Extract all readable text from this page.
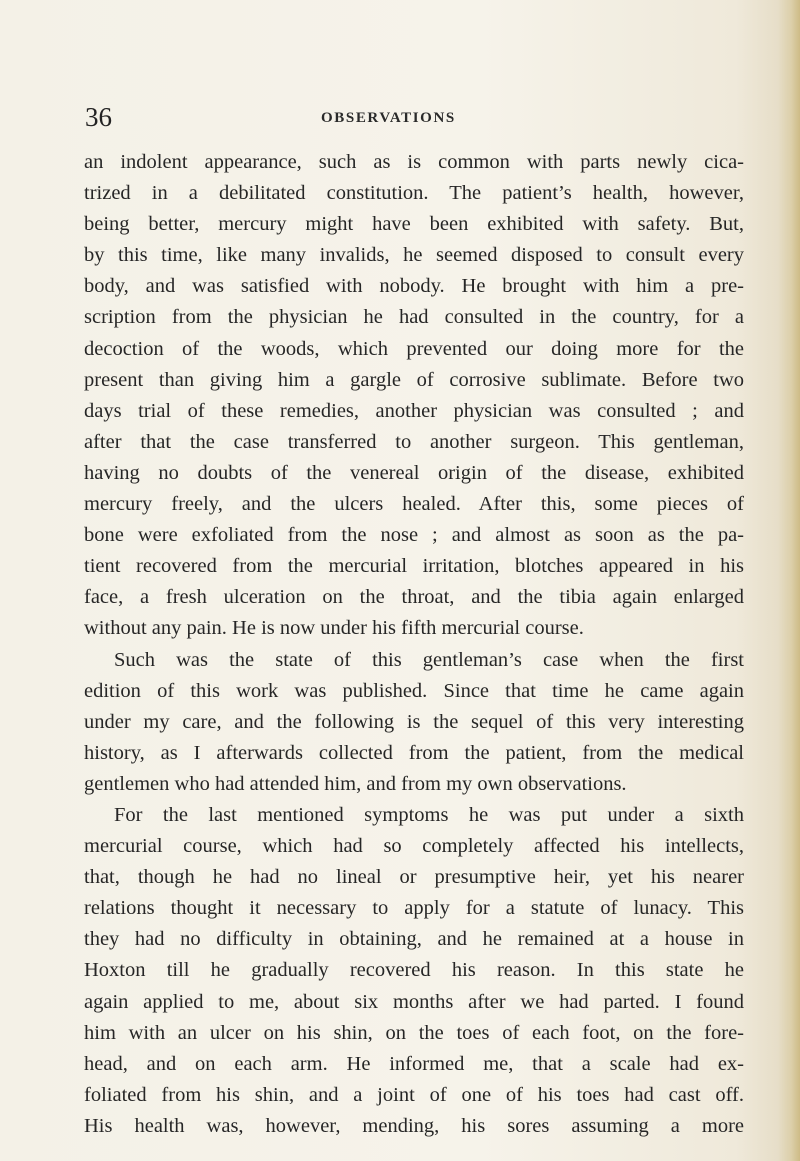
36	OBSERVATIONS
an indolent appearance, such as is common with parts newly cica-
trized in a debilitated constitution. The patient’s health, however,
being better, mercury might have been exhibited with safety. But,
by this time, like many invalids, he seemed disposed to consult every
body, and was satisfied with nobody. He brought with him a pre-
scription from the physician he had consulted in the country, for a
decoction of the woods, which prevented our doing more for the
present than giving him a gargle of corrosive sublimate. Before two
days trial of these remedies, another physician was consulted ; and
after that the case transferred to another surgeon. This gentleman,
having no doubts of the venereal origin of the disease, exhibited
mercury freely, and the ulcers healed. After this, some pieces of
bone were exfoliated from the nose ; and almost as soon as the pa-
tient recovered from the mercurial irritation, blotches appeared in his
face, a fresh ulceration on the throat, and the tibia again enlarged
without any pain. He is now under his fifth mercurial course.
Such was the state of this gentleman’s case when the first
edition of this work was published. Since that time he came again
under my care, and the following is the sequel of this very interesting
history, as I afterwards collected from the patient, from the medical
gentlemen who had attended him, and from my own observations.
For the last mentioned symptoms he was put under a sixth
mercurial course, which had so completely affected his intellects,
that, though he had no lineal or presumptive heir, yet his nearer
relations thought it necessary to apply for a statute of lunacy. This
they had no difficulty in obtaining, and he remained at a house in
Hoxton till he gradually recovered his reason. In this state he
again applied to me, about six months after we had parted. I found
him with an ulcer on his shin, on the toes of each foot, on the fore-
head, and on each arm. He informed me, that a scale had ex-
foliated from his shin, and a joint of one of his toes had cast off.
His health was, however, mending, his sores assuming a more
